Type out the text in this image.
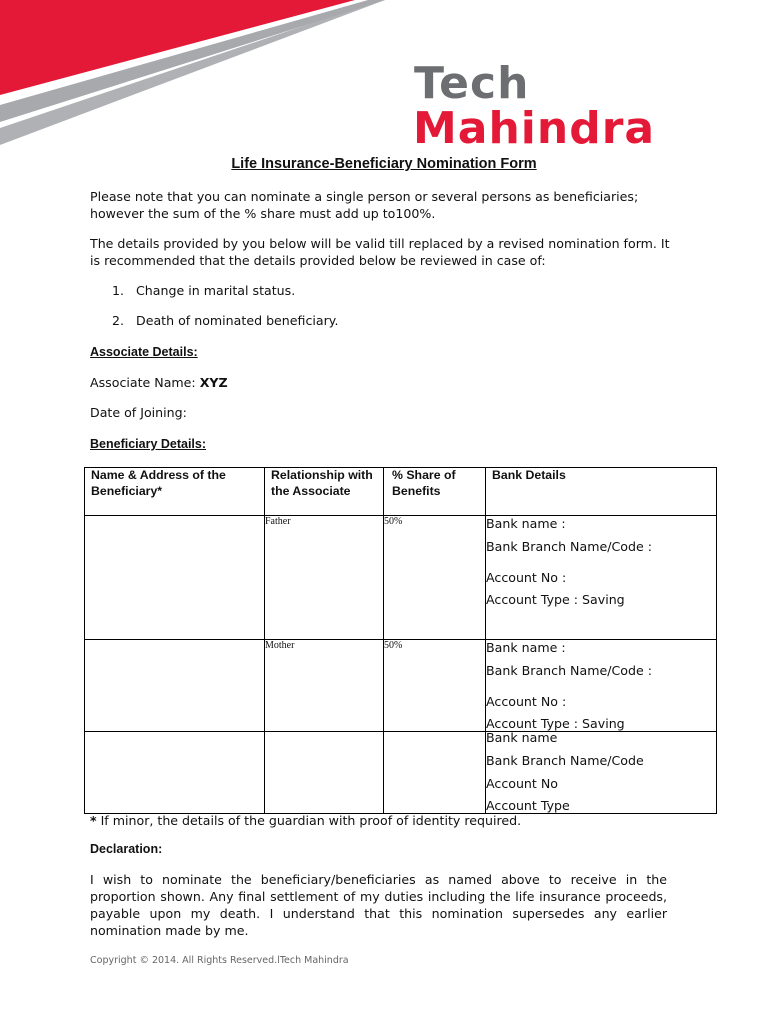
Tech
Mahindra
Life Insurance-Beneficiary Nomination Form
Please note that you can nominate a single person or several persons as beneficiaries; however the sum of the % share must add up to100%.
The details provided by you below will be valid till replaced by a revised nomination form. It is recommended that the details provided below be reviewed in case of:
1. Change in marital status.
2. Death of nominated beneficiary.
Associate Details:
Associate Name: XYZ
Date of Joining:
Beneficiary Details:
Name & Address of the Beneficiary*	Relationship with the Associate	% Share of Benefits	Bank Details
	Father	50%	Bank name :
Bank Branch Name/Code :
Account No :
Account Type : Saving

	Mother	50%	Bank name :
Bank Branch Name/Code :
Account No :
Account Type : Saving

			Bank name
Bank Branch Name/Code
Account No
Account Type
* If minor, the details of the guardian with proof of identity required.
Declaration:
I wish to nominate the beneficiary/beneficiaries as named above to receive in the proportion shown. Any final settlement of my duties including the life insurance proceeds, payable upon my death. I understand that this nomination supersedes any earlier nomination made by me.
Copyright © 2014. All Rights Reserved.lTech Mahindra
